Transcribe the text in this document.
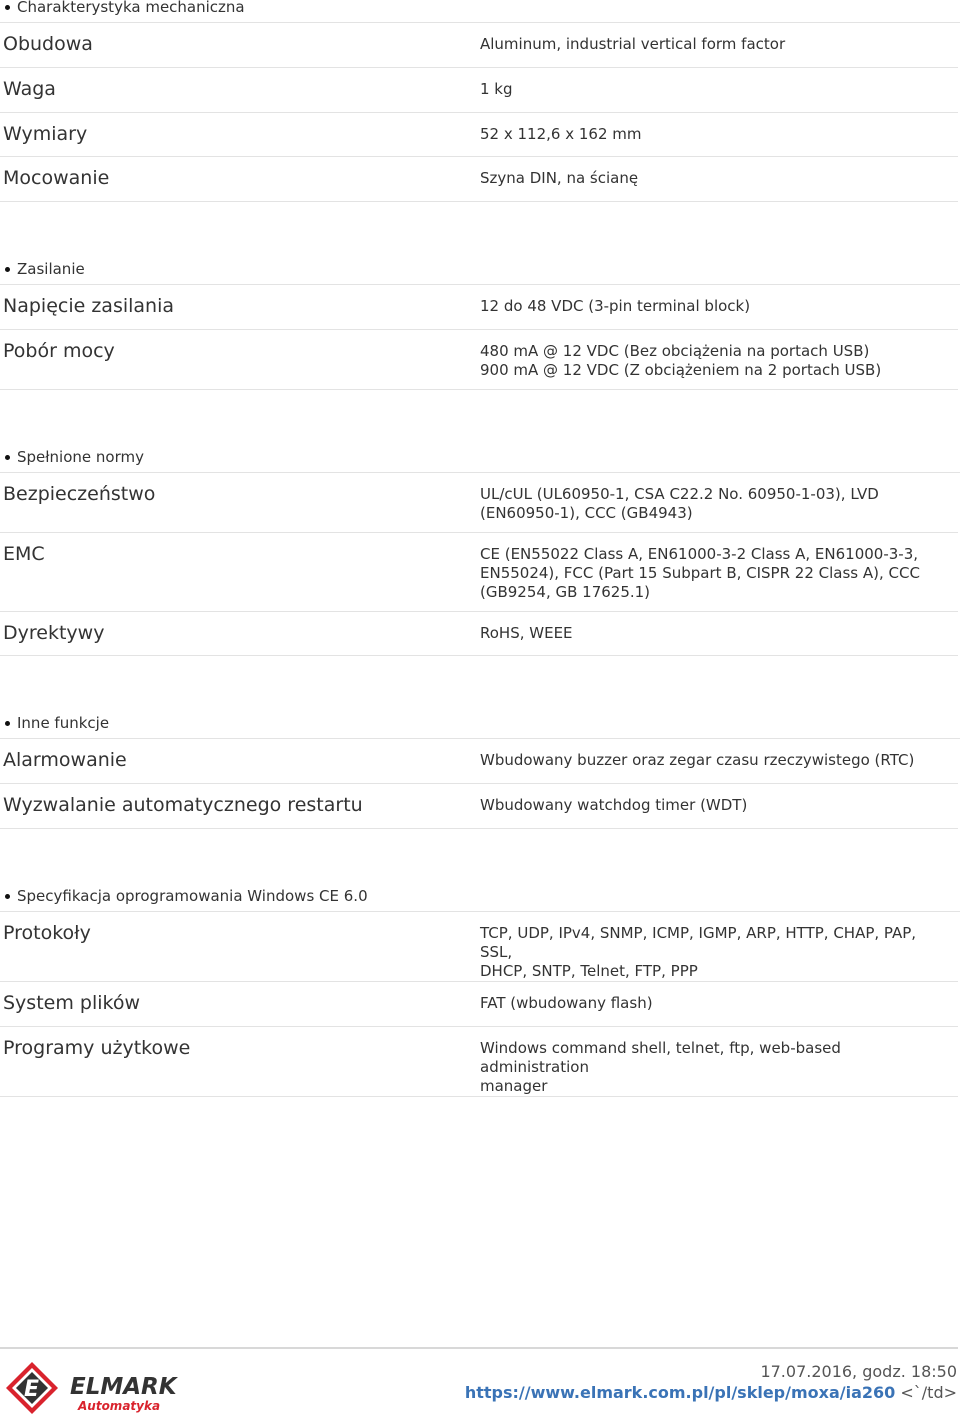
Charakterystyka mechaniczna
Obudowa	Aluminum, industrial vertical form factor

Waga	1 kg

Wymiary	52 x 112,6 x 162 mm

Mocowanie	Szyna DIN, na ścianę
Zasilanie
Napięcie zasilania	12 do 48 VDC (3-pin terminal block)

Pobór mocy	480 mA @ 12 VDC (Bez obciążenia na portach USB)
900 mA @ 12 VDC (Z obciążeniem na 2 portach USB)
Spełnione normy
Bezpieczeństwo	UL/cUL (UL60950-1, CSA C22.2 No. 60950-1-03), LVD
(EN60950-1), CCC (GB4943)

EMC	CE (EN55022 Class A, EN61000-3-2 Class A, EN61000-3-3,
EN55024), FCC (Part 15 Subpart B, CISPR 22 Class A), CCC
(GB9254, GB 17625.1)

Dyrektywy	RoHS, WEEE
Inne funkcje
Alarmowanie	Wbudowany buzzer oraz zegar czasu rzeczywistego (RTC)

Wyzwalanie automatycznego restartu	Wbudowany watchdog timer (WDT)
Specyfikacja oprogramowania Windows CE 6.0
Protokoły	TCP, UDP, IPv4, SNMP, ICMP, IGMP, ARP, HTTP, CHAP, PAP, SSL,
DHCP, SNTP, Telnet, FTP, PPP

System plików	FAT (wbudowany flash)

Programy użytkowe	Windows command shell, telnet, ftp, web-based administration
manager
E ELMARK
Automatyka
17.07.2016, godz. 18:50
https://www.elmark.com.pl/pl/sklep/moxa/ia260 <`/td>
